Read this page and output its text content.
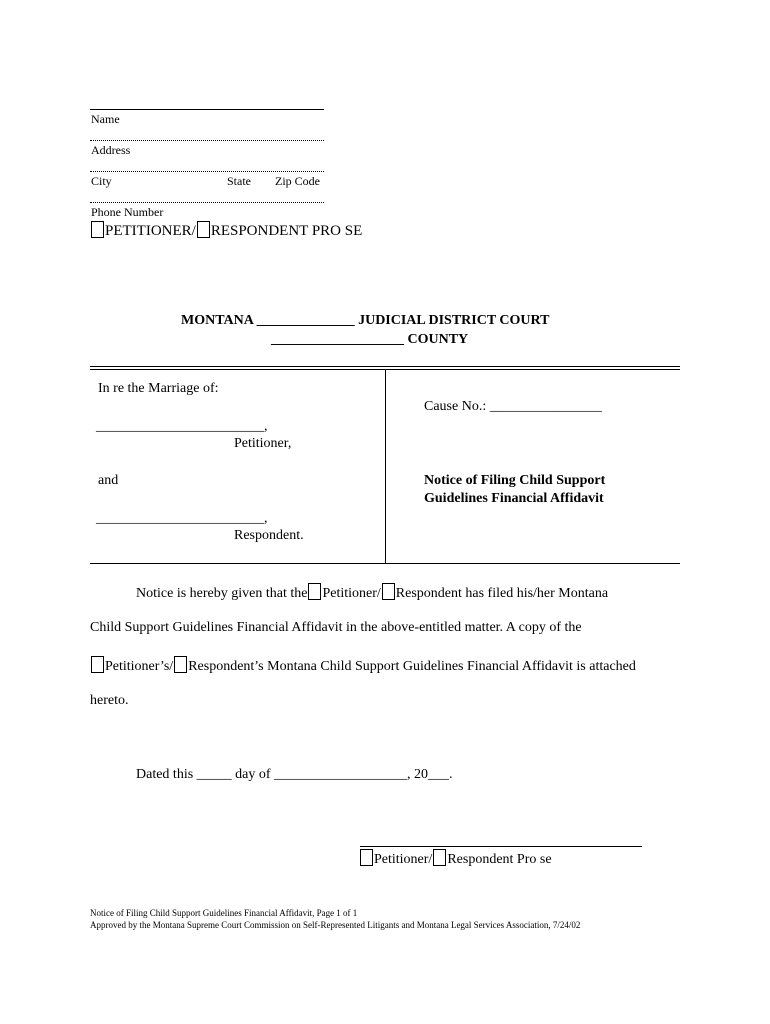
Name
Address
City	State Zip Code
Phone Number
PETITIONER/ RESPONDENT PRO SE
MONTANA ______________ JUDICIAL DISTRICT COURT
___________________ COUNTY
In re the Marriage of:
________________________,
Petitioner,
and
________________________,
Respondent.
Cause No.: ________________
Notice of Filing Child Support
Guidelines Financial Affidavit
Notice is hereby given that the Petitioner/ Respondent has filed his/her Montana
Child Support Guidelines Financial Affidavit in the above-entitled matter. A copy of the
Petitioner’s/ Respondent’s Montana Child Support Guidelines Financial Affidavit is attached
hereto.
Dated this _____ day of ___________________, 20___.
Petitioner/ Respondent Pro se
Notice of Filing Child Support Guidelines Financial Affidavit, Page 1 of 1
Approved by the Montana Supreme Court Commission on Self-Represented Litigants and Montana Legal Services Association, 7/24/02
